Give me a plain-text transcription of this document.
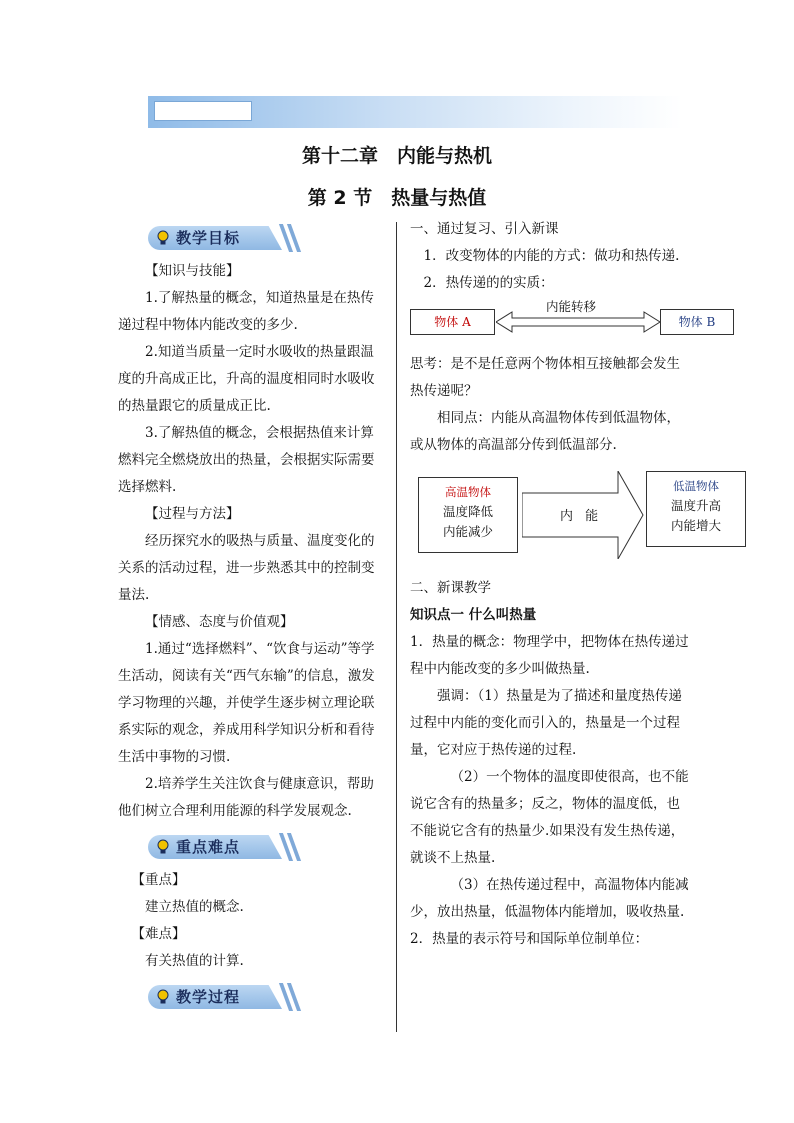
第十二章　内能与热机
第 2 节　热量与热值
教学目标

【知识与技能】

1.了解热量的概念，知道热量是在热传递过程中物体内能改变的多少.

2.知道当质量一定时水吸收的热量跟温度的升高成正比，升高的温度相同时水吸收的热量跟它的质量成正比.

3.了解热值的概念，会根据热值来计算燃料完全燃烧放出的热量，会根据实际需要选择燃料.

【过程与方法】

经历探究水的吸热与质量、温度变化的关系的活动过程，进一步熟悉其中的控制变量法.

【情感、态度与价值观】

1.通过“选择燃料”、“饮食与运动”等学生活动，阅读有关“西气东输”的信息，激发学习物理的兴趣，并使学生逐步树立理论联系实际的观念，养成用科学知识分析和看待生活中事物的习惯.

2.培养学生关注饮食与健康意识，帮助他们树立合理利用能源的科学发展观念.

重点难点

【重点】

建立热值的概念.

【难点】

有关热值的计算.

教学过程

一、通过复习、引入新课

1．改变物体的内能的方式：做功和热传递.

2．热传递的的实质：

物体 A
内能转移
物体 B

思考：是不是任意两个物体相互接触都会发生热传递呢？

相同点：内能从高温物体传到低温物体，或从物体的高温部分传到低温部分.

高温物体
温度降低
内能减少
内 能
低温物体
温度升高
内能增大

二、新课教学

知识点一 什么叫热量

1．热量的概念：物理学中，把物体在热传递过程中内能改变的多少叫做热量.

强调：（1）热量是为了描述和量度热传递过程中内能的变化而引入的，热量是一个过程量，它对应于热传递的过程.

（2）一个物体的温度即使很高，也不能说它含有的热量多；反之，物体的温度低，也不能说它含有的热量少.如果没有发生热传递，就谈不上热量.

（3）在热传递过程中，高温物体内能减少，放出热量，低温物体内能增加，吸收热量.

2．热量的表示符号和国际单位制单位：
